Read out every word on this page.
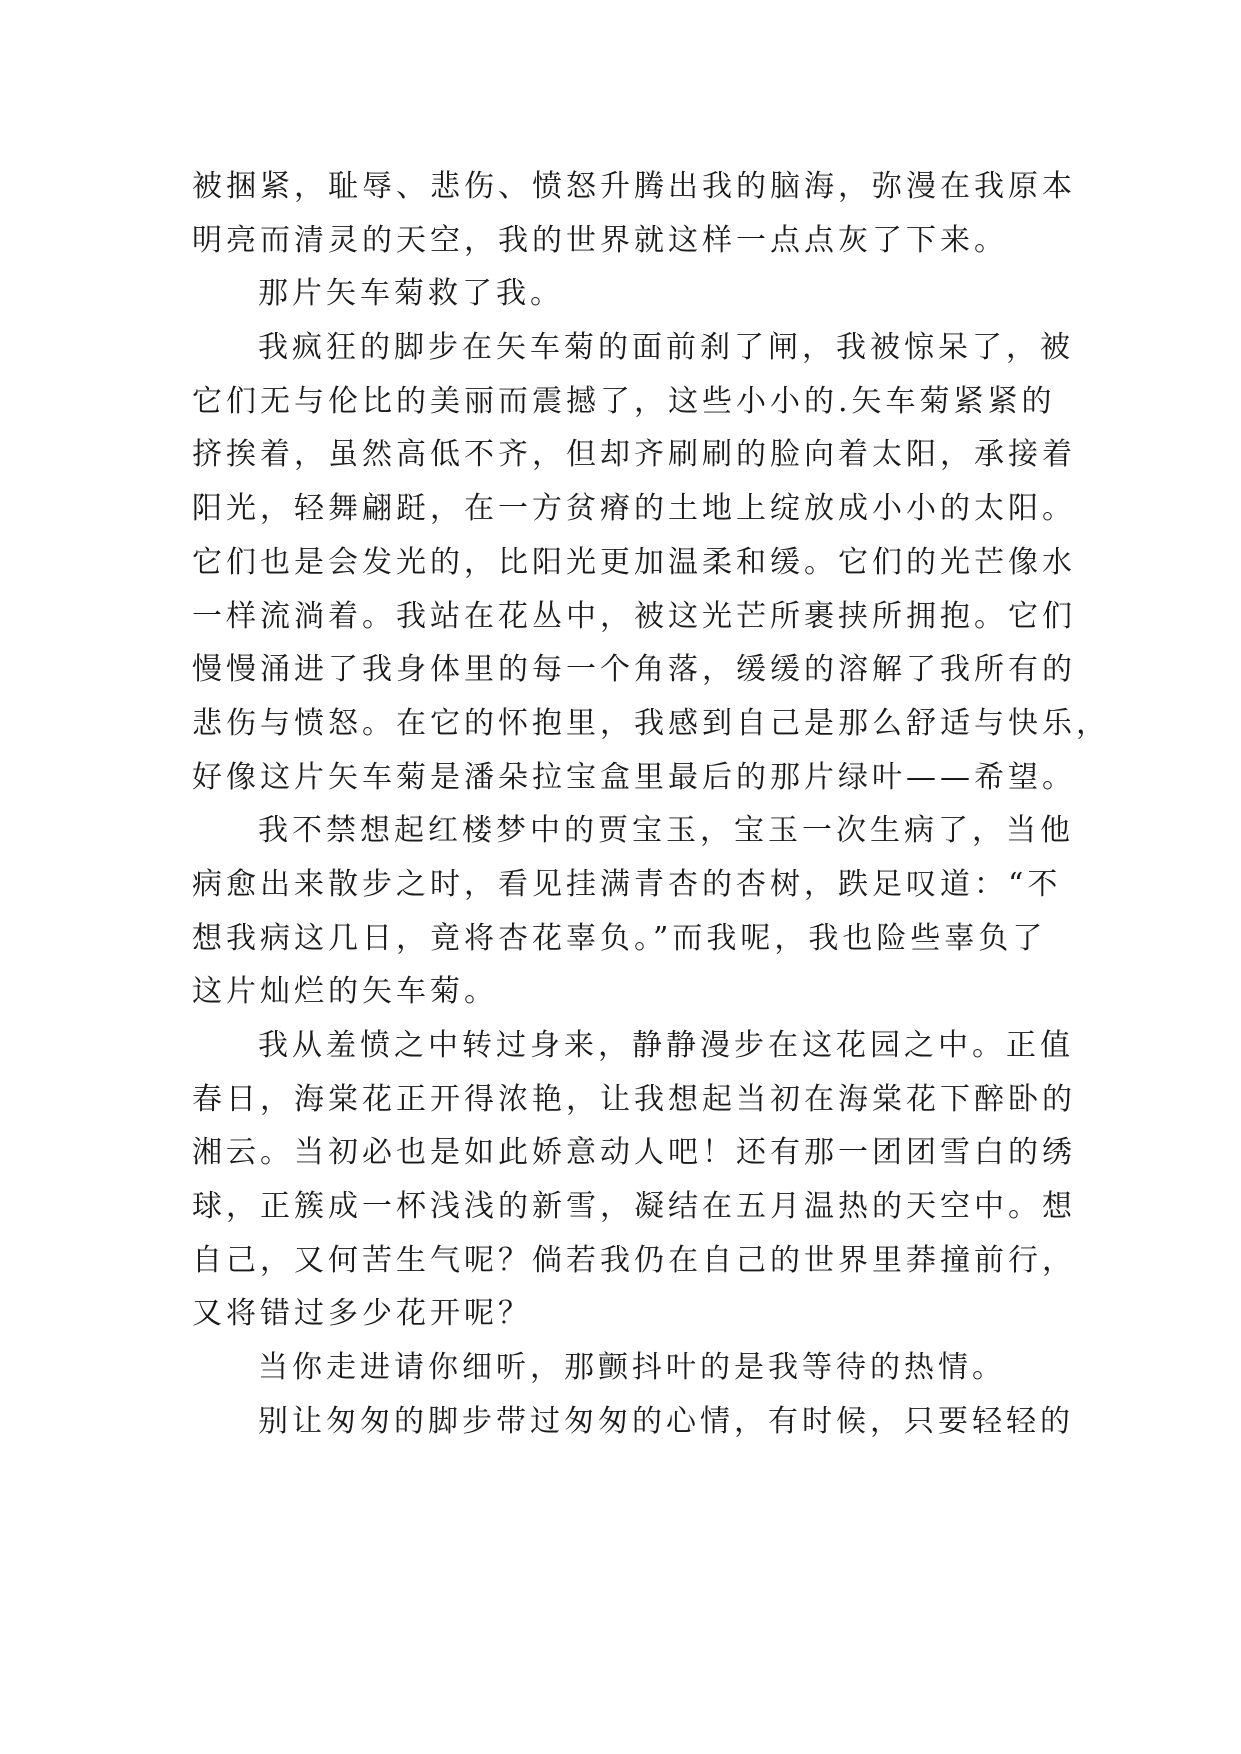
被捆紧，耻辱、悲伤、愤怒升腾出我的脑海，弥漫在我原本
明亮而清灵的天空，我的世界就这样一点点灰了下来。
那片矢车菊救了我。
我疯狂的脚步在矢车菊的面前刹了闸，我被惊呆了，被
它们无与伦比的美丽而震撼了，这些小小的.矢车菊紧紧的
挤挨着，虽然高低不齐，但却齐刷刷的脸向着太阳，承接着
阳光，轻舞翩跹，在一方贫瘠的土地上绽放成小小的太阳。
它们也是会发光的，比阳光更加温柔和缓。它们的光芒像水
一样流淌着。我站在花丛中，被这光芒所裹挟所拥抱。它们
慢慢涌进了我身体里的每一个角落，缓缓的溶解了我所有的
悲伤与愤怒。在它的怀抱里，我感到自己是那么舒适与快乐，
好像这片矢车菊是潘朵拉宝盒里最后的那片绿叶——希望。
我不禁想起红楼梦中的贾宝玉，宝玉一次生病了，当他
病愈出来散步之时，看见挂满青杏的杏树，跌足叹道：“不
想我病这几日，竟将杏花辜负。”而我呢，我也险些辜负了
这片灿烂的矢车菊。
我从羞愤之中转过身来，静静漫步在这花园之中。正值
春日，海棠花正开得浓艳，让我想起当初在海棠花下醉卧的
湘云。当初必也是如此娇意动人吧！还有那一团团雪白的绣
球，正簇成一杯浅浅的新雪，凝结在五月温热的天空中。想
自己，又何苦生气呢？倘若我仍在自己的世界里莽撞前行，
又将错过多少花开呢？
当你走进请你细听，那颤抖叶的是我等待的热情。
别让匆匆的脚步带过匆匆的心情，有时候，只要轻轻的
